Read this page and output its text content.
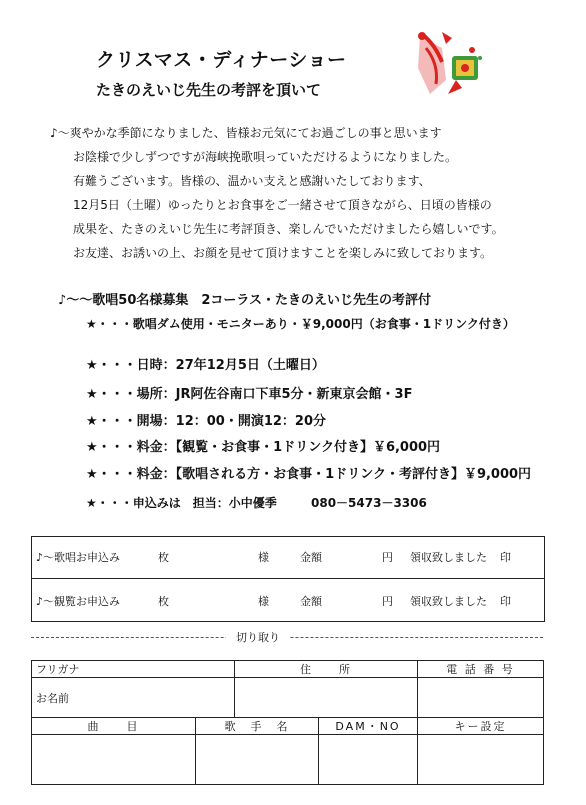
クリスマス・ディナーショー
たきのえいじ先生の考評を頂いて
♪～爽やかな季節になりました、皆様お元気にてお過ごしの事と思います
お陰様で少しずつですが海峡挽歌唄っていただけるようになりました。
有難うございます。皆様の、温かい支えと感謝いたしております、
12月5日（土曜）ゆったりとお食事をご一緒させて頂きながら、日頃の皆様の
成果を、たきのえいじ先生に考評頂き、楽しんでいただけましたら嬉しいです。
お友達、お誘いの上、お顔を見せて頂けますことを楽しみに致しております。
♪～～歌唱50名様募集　2コーラス・たきのえいじ先生の考評付
★・・・歌唱ダム使用・モニターあり・￥9,000円（お食事・1ドリンク付き）
★・・・日時：27年12月5日（土曜日）
★・・・場所：JR阿佐谷南口下車5分・新東京会館・3F
★・・・開場：12：00・開演12：20分
★・・・料金：【観覧・お食事・1ドリンク付き】￥6,000円
★・・・料金：【歌唱される方・お食事・1ドリンク・考評付き】￥9,000円
★・・・申込みは　担当：小中優季	080－5473－3306
♪～歌唱お申込み	枚	様	金額	円 領収致しました 印
♪～観覧お申込み	枚	様	金額	円 領収致しました 印
切り取り
フリガナ		住　　所		電 話 番 号
お名前				
曲　　目	歌　手　名		DAM・NO	キー設定
